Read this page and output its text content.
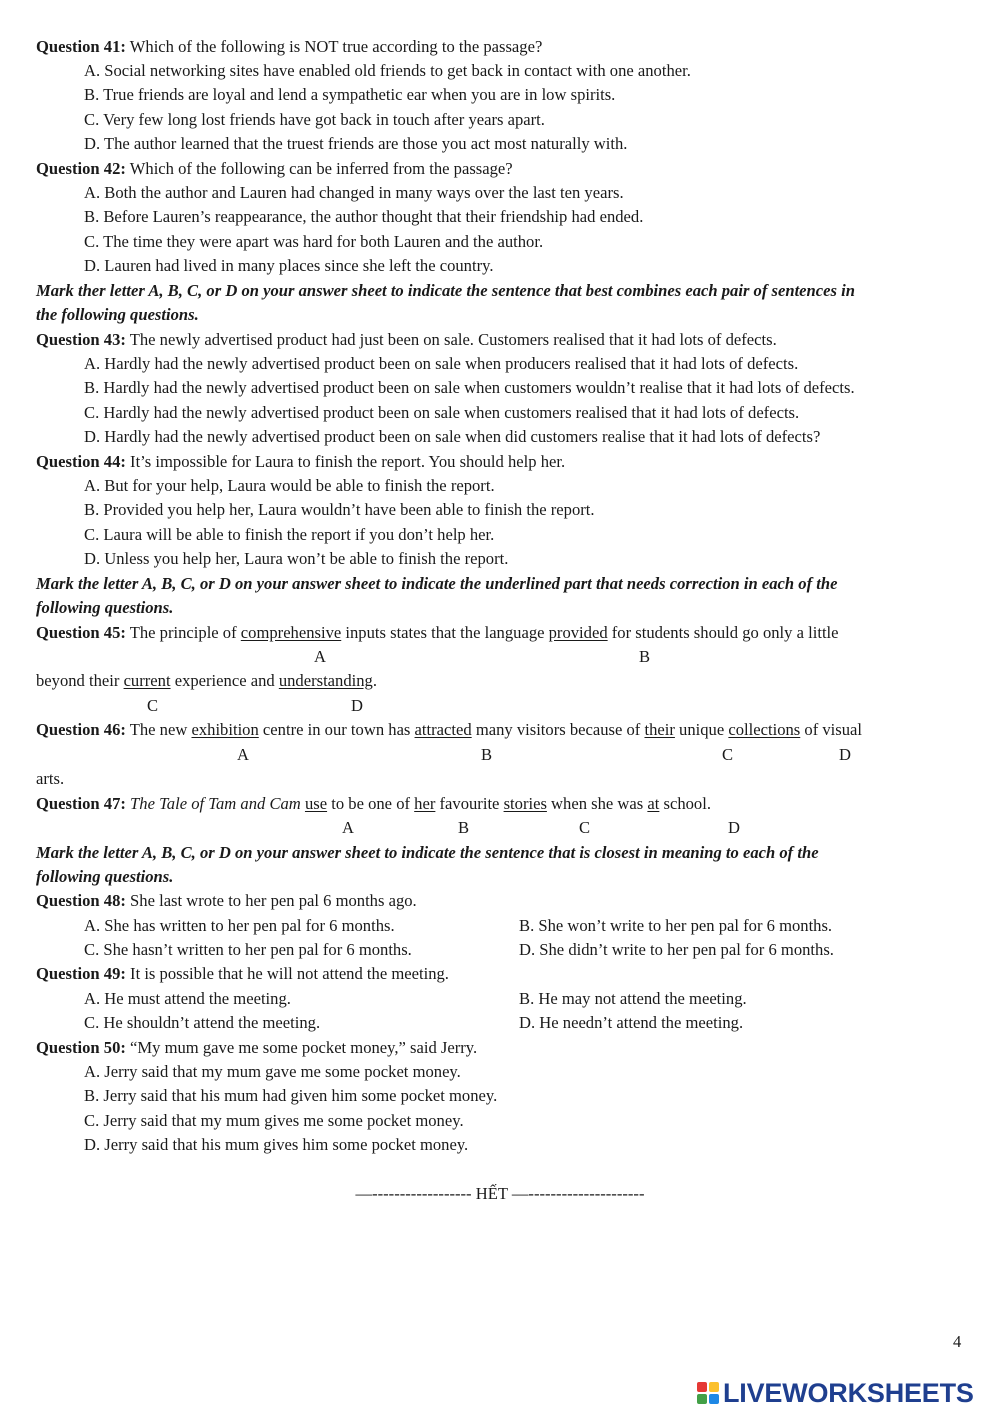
Question 41: Which of the following is NOT true according to the passage?
A. Social networking sites have enabled old friends to get back in contact with one another.
B. True friends are loyal and lend a sympathetic ear when you are in low spirits.
C. Very few long lost friends have got back in touch after years apart.
D. The author learned that the truest friends are those you act most naturally with.
Question 42: Which of the following can be inferred from the passage?
A. Both the author and Lauren had changed in many ways over the last ten years.
B. Before Lauren’s reappearance, the author thought that their friendship had ended.
C. The time they were apart was hard for both Lauren and the author.
D. Lauren had lived in many places since she left the country.
Mark ther letter A, B, C, or D on your answer sheet to indicate the sentence that best combines each pair of sentences in
the following questions.
Question 43: The newly advertised product had just been on sale. Customers realised that it had lots of defects.
A. Hardly had the newly advertised product been on sale when producers realised that it had lots of defects.
B. Hardly had the newly advertised product been on sale when customers wouldn’t realise that it had lots of defects.
C. Hardly had the newly advertised product been on sale when customers realised that it had lots of defects.
D. Hardly had the newly advertised product been on sale when did customers realise that it had lots of defects?
Question 44: It’s impossible for Laura to finish the report. You should help her.
A. But for your help, Laura would be able to finish the report.
B. Provided you help her, Laura wouldn’t have been able to finish the report.
C. Laura will be able to finish the report if you don’t help her.
D. Unless you help her, Laura won’t be able to finish the report.
Mark the letter A, B, C, or D on your answer sheet to indicate the underlined part that needs correction in each of the
following questions.
Question 45: The principle of comprehensive inputs states that the language provided for students should go only a little
A	B
beyond their current experience and understanding.
C	D
Question 46: The new exhibition centre in our town has attracted many visitors because of their unique collections of visual
A	B	C	D
arts.
Question 47: The Tale of Tam and Cam use to be one of her favourite stories when she was at school.
A	B	C	D
Mark the letter A, B, C, or D on your answer sheet to indicate the sentence that is closest in meaning to each of the
following questions.
Question 48: She last wrote to her pen pal 6 months ago.
A. She has written to her pen pal for 6 months.	B. She won’t write to her pen pal for 6 months.
C. She hasn’t written to her pen pal for 6 months.	D. She didn’t write to her pen pal for 6 months.
Question 49: It is possible that he will not attend the meeting.
A. He must attend the meeting.	B. He may not attend the meeting.
C. He shouldn’t attend the meeting.	D. He needn’t attend the meeting.
Question 50: “My mum gave me some pocket money,” said Jerry.
A. Jerry said that my mum gave me some pocket money.
B. Jerry said that his mum had given him some pocket money.
C. Jerry said that my mum gives me some pocket money.
D. Jerry said that his mum gives him some pocket money.
—------------------ HẾT —---------------------
4
LIVEWORKSHEETS
